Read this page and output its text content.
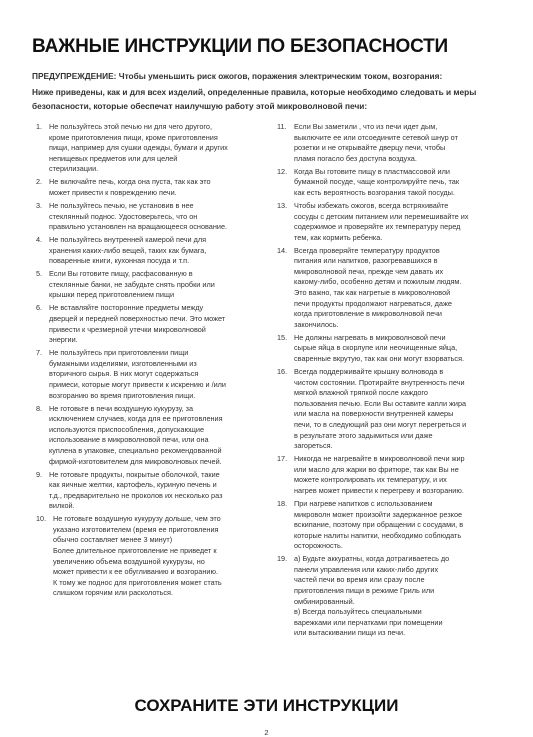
ВАЖНЫЕ ИНСТРУКЦИИ ПО БЕЗОПАСНОСТИ

ПРЕДУПРЕЖДЕНИЕ: Чтобы уменьшить риск ожогов, поражения электрическим током, возгорания:

Ниже приведены, как и для всех изделий, определенные правила, которые необходимо следовать и меры безопасности, которые обеспечат наилучшую работу этой микроволновой печи:

1. Не пользуйтесь этой печью ни для чего другого,
кроме приготовления пищи, кроме приготовления
пищи, например для сушки одежды, бумаги и других
непищевых предметов или для целей
стерилизации.
2. Не включайте печь, когда она пуста, так как это
может привести к повреждению печи.
3. Не пользуйтесь печью, не установив в нее
стеклянный поднос. Удостоверьтесь, что он
правильно установлен на вращающееся основание.
4. Не пользуйтесь внутренней камерой печи для
хранения каких-либо вещей, таких как бумага,
поваренные книги, кухонная посуда и т.п.
5. Если Вы готовите пищу, расфасованную в
стеклянные банки, не забудьте снять пробки или
крышки перед приготовлением пищи
6. Не вставляйте посторонние предметы между
дверцей и передней поверхностью печи. Это может
привести к чрезмерной утечки микроволновой
энергии.
7. Не пользуйтесь при приготовлении пищи
бумажными изделиями, изготовленными из
вторичного сырья. В них могут содержаться
примеси, которые могут привести к искрению и /или
возгоранию во время приготовления пищи.
8. Не готовьте в печи воздушную кукурузу, за
исключением случаев, когда для ее приготовления
используются приспособления, допускающие
использование в микроволновой печи, или она
куплена в упаковке, специально рекомендованной
фирмой-изготовителем для микроволновых печей.
9. Не готовьте продукты, покрытые оболочкой, такие
как яичные желтки, картофель, куриную печень и
т.д., предварительно не проколов их несколько раз
вилкой.
10. Не готовьте воздушную кукурузу дольше, чем это
указано изготовителем (время ее приготовления
обычно составляет менее 3 минут)
Более длительное приготовление не приведет к
увеличению объема воздушной кукурузы, но
может привести к ее обугливанию и возгоранию.
К тому же поднос для приготовления может стать
слишком горячим или расколоться.
11. Если Вы заметили , что из печи идет дым,
выключите ее или отсоедините сетевой шнур от
розетки и не открывайте дверцу печи, чтобы
пламя погасло без доступа воздуха.
12. Когда Вы готовите пищу в пластмассовой или
бумажной посуде, чаще контролируйте печь, так
как есть вероятность возгорания такой посуды.
13. Чтобы избежать ожогов, всегда встряхивайте
сосуды с детским питанием или перемешивайте их
содержимое и проверяйте их температуру перед
тем, как кормить ребенка.
14. Всегда проверяйте температуру продуктов
питания или напитков, разогревавшихся в
микроволновой печи, прежде чем давать их
какому-либо, особенно детям и пожилым людям.
Это важно, так как нагретые в микроволновой
печи продукты продолжают нагреваться, даже
когда приготовление в микроволновой печи
закончилось.
15. Не должны нагревать в микроволновой печи
сырые яйца в скорлупе или неочищенные яйца,
сваренные вкрутую, так как они могут взорваться.
16. Всегда поддерживайте крышку волновода в
чистом состоянии. Протирайте внутренность печи
мягкой влажной тряпкой после каждого
пользования печью. Если Вы оставите капли жира
или масла на поверхности внутренней камеры
печи, то в следующий раз они могут перегреться и
в результате этого задымиться или даже
загореться.
17. Никогда не нагревайте в микроволновой печи жир
или масло для жарки во фритюре, так как Вы не
можете контролировать их температуру, и их
нагрев может привести к перегреву и возгоранию.
18. При нагреве напитков с использованием
микроволн может произойти задержанное резкое
вскипание, поэтому при обращении с сосудами, в
которые налиты напитки, необходимо соблюдать
осторожность.
19. а) Будьте аккуратны, когда дотрагиваетесь до
панели управления или каких-либо других
частей печи во время или сразу после
приготовления пищи в режиме Гриль или
омбинированный.
в) Всегда пользуйтесь специальными
варежками или перчатками при помещении
или вытаскивании пищи из печи.
СОХРАНИТЕ ЭТИ ИНСТРУКЦИИ

2
